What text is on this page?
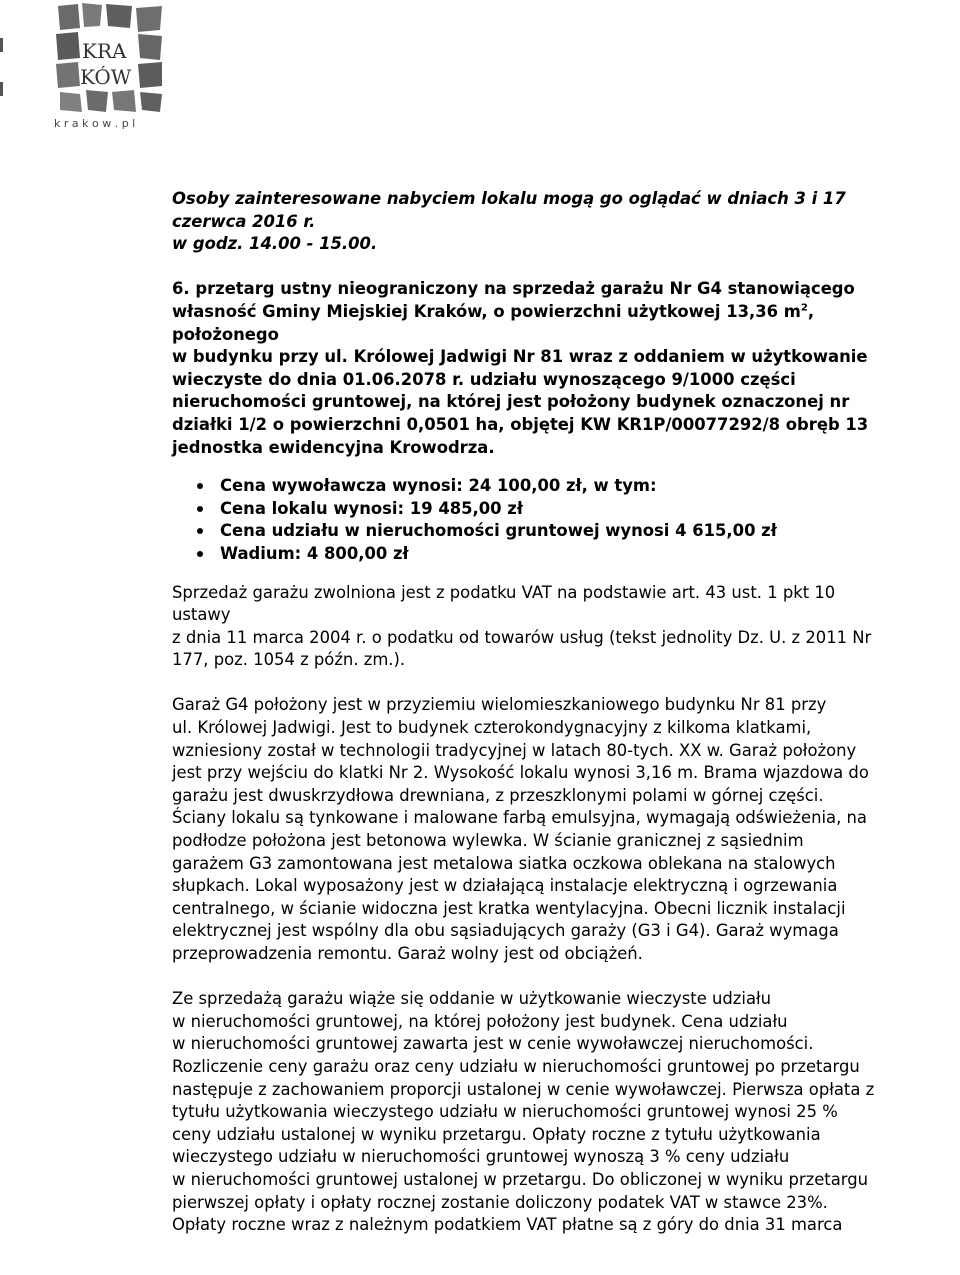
KRA
KÓW
k r a k o w . p l

Osoby zainteresowane nabyciem lokalu mogą go oglądać w dniach 3 i 17

czerwca 2016 r.

w godz. 14.00 - 15.00.

6. przetarg ustny nieograniczony na sprzedaż garażu Nr G4 stanowiącego

własność Gminy Miejskiej Kraków, o powierzchni użytkowej 13,36 $m^2$,

położonego

w budynku przy ul. Królowej Jadwigi Nr 81 wraz z oddaniem w użytkowanie

wieczyste do dnia 01.06.2078 r. udziału wynoszącego 9/1000 części

nieruchomości gruntowej, na której jest położony budynek oznaczonej nr

działki 1/2 o powierzchni 0,0501 ha, objętej KW KR1P/00077292/8 obręb 13

jednostka ewidencyjna Krowodrza.

Cena wywoławcza wynosi: 24 100,00 zł, w tym:
Cena lokalu wynosi: 19 485,00 zł
Cena udziału w nieruchomości gruntowej wynosi 4 615,00 zł
Wadium: 4 800,00 zł

Sprzedaż garażu zwolniona jest z podatku VAT na podstawie art. 43 ust. 1 pkt 10

ustawy

z dnia 11 marca 2004 r. o podatku od towarów usług (tekst jednolity Dz. U. z 2011 Nr

177, poz. 1054 z późn. zm.).

Garaż G4 położony jest w przyziemiu wielomieszkaniowego budynku Nr 81 przy

ul. Królowej Jadwigi. Jest to budynek czterokondygnacyjny z kilkoma klatkami,

wzniesiony został w technologii tradycyjnej w latach 80-tych. XX w. Garaż położony

jest przy wejściu do klatki Nr 2. Wysokość lokalu wynosi 3,16 m. Brama wjazdowa do

garażu jest dwuskrzydłowa drewniana, z przeszklonymi polami w górnej części.

Ściany lokalu są tynkowane i malowane farbą emulsyjna, wymagają odświeżenia, na

podłodze położona jest betonowa wylewka. W ścianie granicznej z sąsiednim

garażem G3 zamontowana jest metalowa siatka oczkowa oblekana na stalowych

słupkach. Lokal wyposażony jest w działającą instalacje elektryczną i ogrzewania

centralnego, w ścianie widoczna jest kratka wentylacyjna. Obecni licznik instalacji

elektrycznej jest wspólny dla obu sąsiadujących garaży (G3 i G4). Garaż wymaga

przeprowadzenia remontu. Garaż wolny jest od obciążeń.

Ze sprzedażą garażu wiąże się oddanie w użytkowanie wieczyste udziału

w nieruchomości gruntowej, na której położony jest budynek. Cena udziału

w nieruchomości gruntowej zawarta jest w cenie wywoławczej nieruchomości.

Rozliczenie ceny garażu oraz ceny udziału w nieruchomości gruntowej po przetargu

następuje z zachowaniem proporcji ustalonej w cenie wywoławczej. Pierwsza opłata z

tytułu użytkowania wieczystego udziału w nieruchomości gruntowej wynosi 25 %

ceny udziału ustalonej w wyniku przetargu. Opłaty roczne z tytułu użytkowania

wieczystego udziału w nieruchomości gruntowej wynoszą 3 % ceny udziału

w nieruchomości gruntowej ustalonej w przetargu. Do obliczonej w wyniku przetargu

pierwszej opłaty i opłaty rocznej zostanie doliczony podatek VAT w stawce 23%.

Opłaty roczne wraz z należnym podatkiem VAT płatne są z góry do dnia 31 marca
